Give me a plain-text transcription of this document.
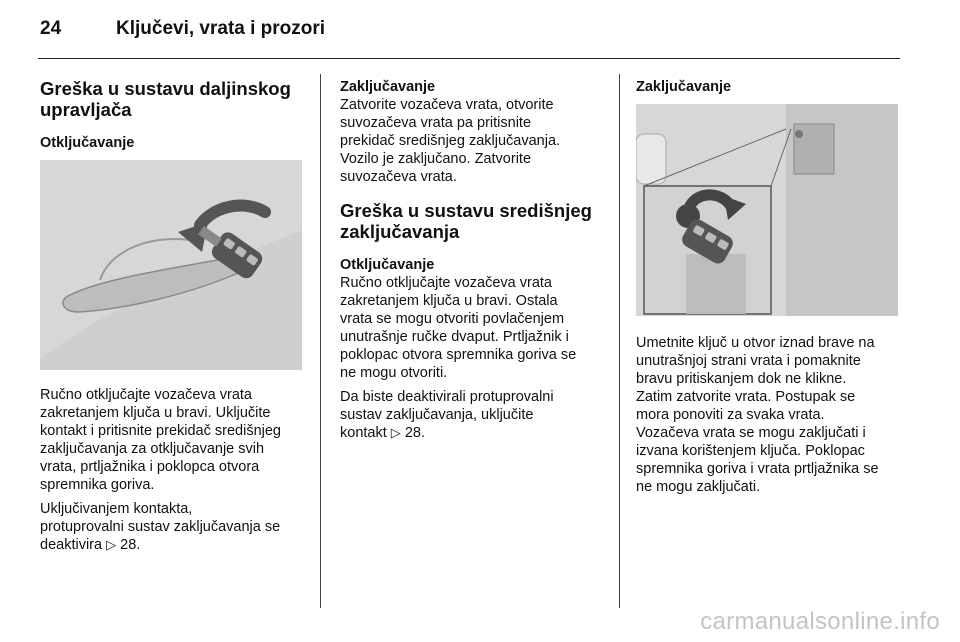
24	Ključevi, vrata i prozori
Greška u sustavu daljinskog
upravljača
Otključavanje

Ručno otključajte vozačeva vrata
zakretanjem ključa u bravi. Uključite
kontakt i pritisnite prekidač središnjeg
zaključavanja za otključavanje svih
vrata, prtljažnika i poklopca otvora
spremnika goriva.

Uključivanjem kontakta,
protuprovalni sustav zaključavanja se
deaktivira ▷ 28.

Zaključavanje

Zatvorite vozačeva vrata, otvorite
suvozačeva vrata pa pritisnite
prekidač središnjeg zaključavanja.
Vozilo je zaključano. Zatvorite
suvozačeva vrata.

Greška u sustavu središnjeg
zaključavanja
Otključavanje

Ručno otključajte vozačeva vrata
zakretanjem ključa u bravi. Ostala
vrata se mogu otvoriti povlačenjem
unutrašnje ručke dvaput. Prtljažnik i
poklopac otvora spremnika goriva se
ne mogu otvoriti.

Da biste deaktivirali protuprovalni
sustav zaključavanja, uključite
kontakt ▷ 28.

Zaključavanje

Umetnite ključ u otvor iznad brave na
unutrašnjoj strani vrata i pomaknite
bravu pritiskanjem dok ne klikne.
Zatim zatvorite vrata. Postupak se
mora ponoviti za svaka vrata.
Vozačeva vrata se mogu zaključati i
izvana korištenjem ključa. Poklopac
spremnika goriva i vrata prtljažnika se
ne mogu zaključati.

carmanualsonline.info
